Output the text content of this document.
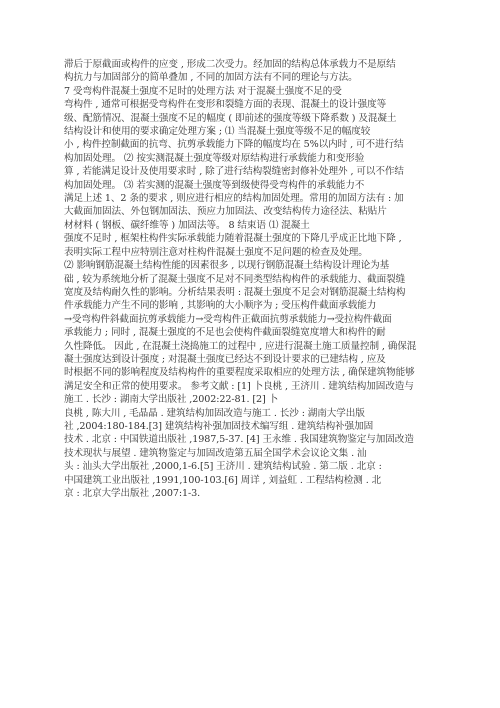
滞后于原截面或构件的应变 , 形成二次受力。经加固的结构总体承载力不是原结
构抗力与加固部分的简单叠加 , 不同的加固方法有不同的理论与方法。
7 受弯构件混凝土强度不足时的处理方法 对于混凝土强度不足的受
弯构件 , 通常可根据受弯构件在变形和裂缝方面的表现、混凝土的设计强度等
级、配筋情况、混凝土强度不足的幅度 ( 即前述的强度等级下降系数 ) 及混凝土
结构设计和使用的要求确定处理方案 ; ⑴ 当混凝土强度等级不足的幅度较
小 , 构件控制截面的抗弯、抗剪承载能力下降的幅度均在 5%以内时 , 可不进行结
构加固处理。 ⑵ 按实测混凝土强度等级对原结构进行承载能力和变形验
算 , 若能满足设计及使用要求时 , 除了进行结构裂缝密封修补处理外 , 可以不作结
构加固处理。 ⑶ 若实测的混凝土强度等到级使得受弯构件的承载能力不
满足上述 1、2 条的要求 , 则应进行相应的结构加固处理。常用的加固方法有 : 加
大截面加固法、外包钢加固法、预应力加固法、改变结构传力途径法、粘贴片
材材料 ( 钢板、碳纤维等 ) 加固法等。 8 结束语 ⑴ 混凝土
强度不足时 , 框架柱构件实际承载能力随着混凝土强度的下降几乎成正比地下降 ,
表明实际工程中应特别注意对柱构件混凝土强度不足问题的检查及处理。
⑵ 影响钢筋混凝土结构性能的因素很多 , 以现行钢筋混凝土结构设计理论为基
础 , 较为系统地分析了混凝土强度不足对不同类型结构构件的承载能力、截面裂缝
宽度及结构耐久性的影响。分析结果表明 : 混凝土强度不足会对钢筋混凝土结构构
件承载能力产生不同的影响 , 其影响的大小顺序为 ; 受压构件截面承载能力
→受弯构件斜截面抗剪承载能力→受弯构件正截面抗剪承载能力→受拉构件截面
承载能力 ; 同时 , 混凝土强度的不足也会使构件截面裂缝宽度增大和构件的耐
久性降低。 因此 , 在混凝土浇捣施工的过程中 , 应进行混凝土施工质量控制 , 确保混
凝土强度达到设计强度 ; 对混凝土强度已经达不到设计要求的已建结构 , 应及
时根据不同的影响程度及结构构件的重要程度采取相应的处理方法 , 确保建筑物能够
满足安全和正常的使用要求。 参考文献 : [1] 卜良桃 , 王济川 . 建筑结构加固改造与
施工 . 长沙 : 湖南大学出版社 ,2002:22-81. [2] 卜
良桃 , 陈大川 , 毛晶晶 . 建筑结构加固改造与施工 . 长沙 : 湖南大学出版
社 ,2004:180-184.[3] 建筑结构补强加固技术编写组 . 建筑结构补强加固
技术 . 北京 : 中国铁道出版社 ,1987,5-37. [4] 王永维 . 我国建筑物鉴定与加固改造
技术现状与展望 . 建筑物鉴定与加固改造第五届全国学术会议论文集 . 汕
头 : 汕头大学出版社 ,2000,1-6.[5] 王济川 . 建筑结构试验 . 第二版 . 北京 :
中国建筑工业出版社 ,1991,100-103.[6] 周详 , 刘益虹 . 工程结构检测 . 北
京 : 北京大学出版社 ,2007:1-3.
